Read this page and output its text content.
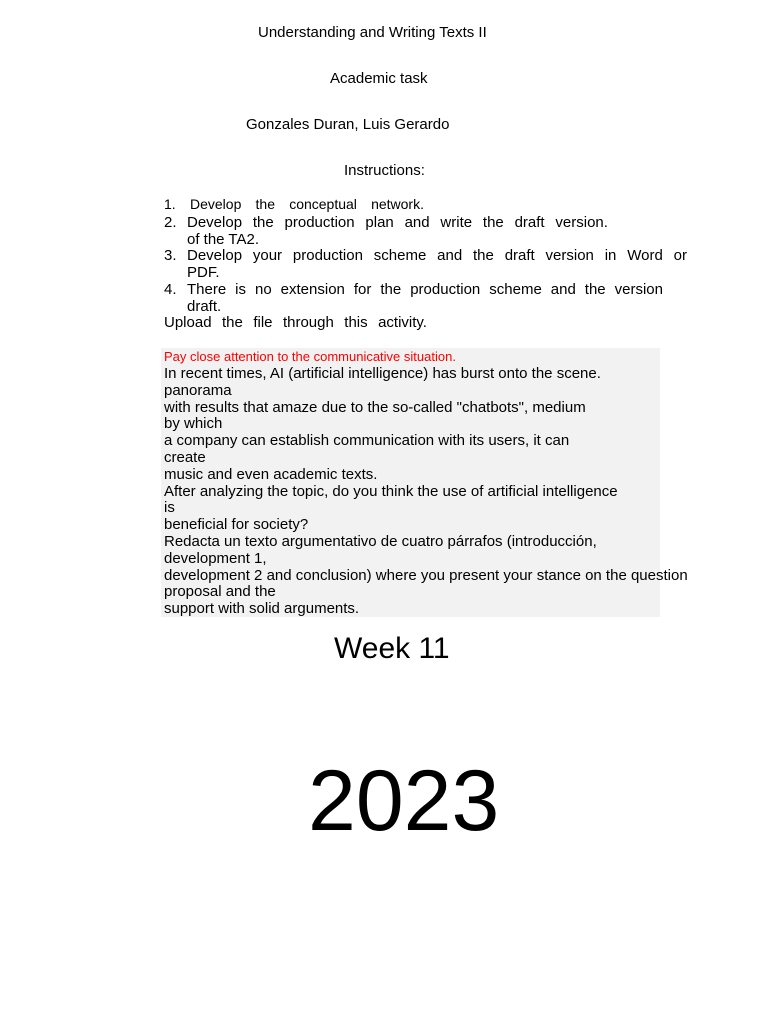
Understanding and Writing Texts II
Academic task
Gonzales Duran, Luis Gerardo
Instructions:
1. Develop the conceptual network.
2. Develop the production plan and write the draft version.
of the TA2.
3. Develop your production scheme and the draft version in Word or
PDF.
4. There is no extension for the production scheme and the version
draft.
Upload the file through this activity.
Pay close attention to the communicative situation.
In recent times, AI (artificial intelligence) has burst onto the scene.
panorama
with results that amaze due to the so-called "chatbots", medium
by which
a company can establish communication with its users, it can
create
music and even academic texts.
After analyzing the topic, do you think the use of artificial intelligence
is
beneficial for society?
Redacta un texto argumentativo de cuatro párrafos (introducción,
development 1,
development 2 and conclusion) where you present your stance on the question
proposal and the
support with solid arguments.
Week 11
2023
